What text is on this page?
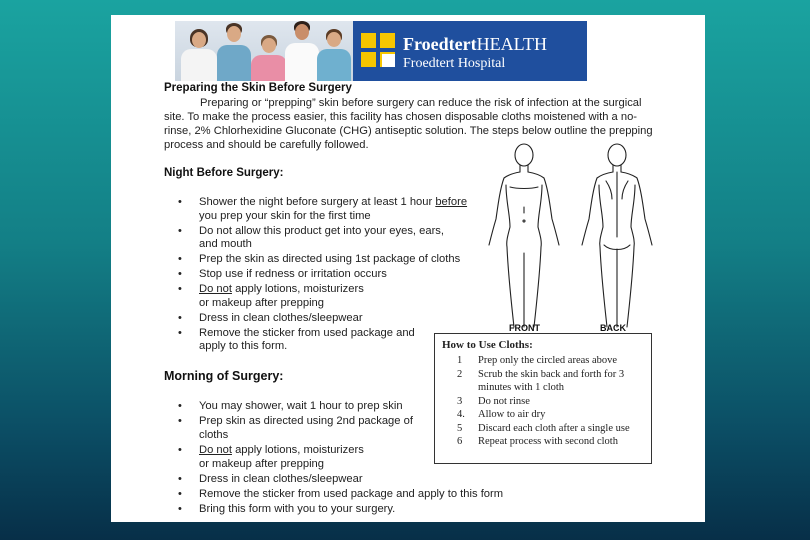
FroedtertHEALTH
Froedtert Hospital
Preparing the Skin Before Surgery
Preparing or “prepping” skin before surgery can reduce the risk of infection at the surgical site. To make the process easier, this facility has chosen disposable cloths moistened with a no-rinse, 2% Chlorhexidine Gluconate (CHG) antiseptic solution. The steps below outline the prepping process and should be carefully followed.
Night Before Surgery:
• Shower the night before surgery at least 1 hour before
you prep your skin for the first time
• Do not allow this product get into your eyes, ears,
and mouth
• Prep the skin as directed using 1st package of cloths
• Stop use if redness or irritation occurs
• Do not apply lotions, moisturizers
or makeup after prepping
• Dress in clean clothes/sleepwear
• Remove the sticker from used package and
apply to this form.
FRONT	BACK
How to Use Cloths:
1 Prep only the circled areas above
2 Scrub the skin back and forth for 3 minutes with 1 cloth
3 Do not rinse
4. Allow to air dry
5 Discard each cloth after a single use
6 Repeat process with second cloth
Morning of Surgery:
• You may shower, wait 1 hour to prep skin
• Prep skin as directed using 2nd package of
cloths
• Do not apply lotions, moisturizers
or makeup after prepping
• Dress in clean clothes/sleepwear
• Remove the sticker from used package and apply to this form
• Bring this form with you to your surgery.
